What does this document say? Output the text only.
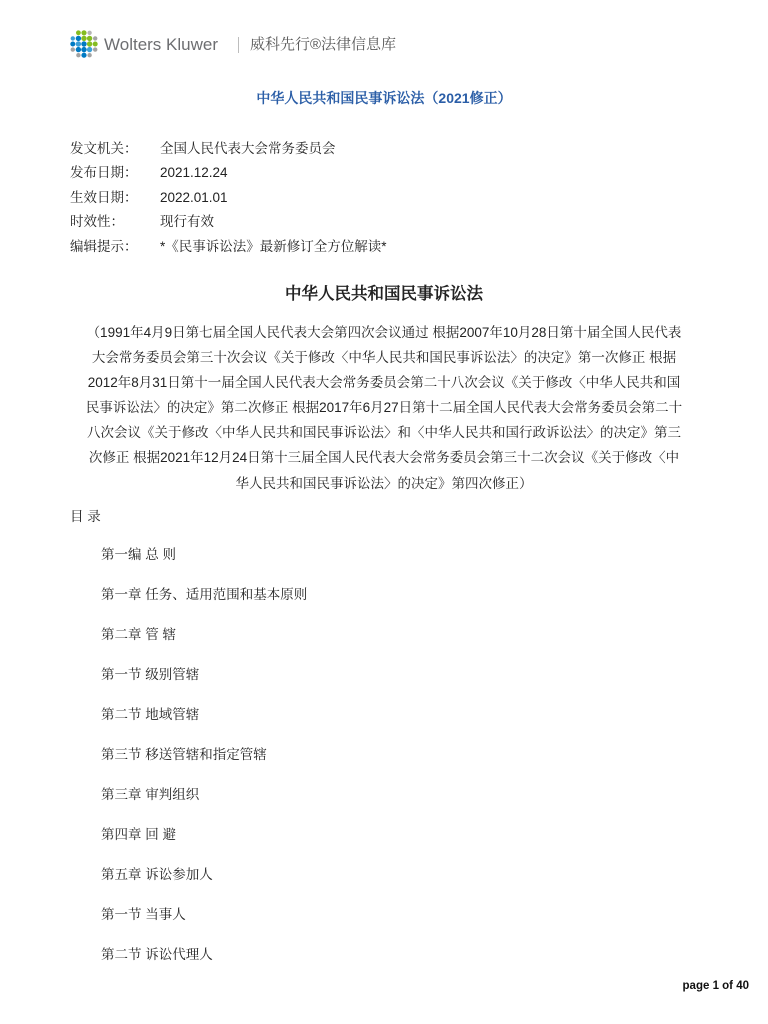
Wolters Kluwer 威科先行®法律信息库
中华人民共和国民事诉讼法（2021修正）
发文机关： 全国人民代表大会常务委员会
发布日期： 2021.12.24
生效日期： 2022.01.01
时效性：	现行有效
编辑提示： *《民事诉讼法》最新修订全方位解读*
中华人民共和国民事诉讼法
（1991年4月9日第七届全国人民代表大会第四次会议通过 根据2007年10月28日第十届全国人民代表
大会常务委员会第三十次会议《关于修改〈中华人民共和国民事诉讼法〉的决定》第一次修正 根据
2012年8月31日第十一届全国人民代表大会常务委员会第二十八次会议《关于修改〈中华人民共和国
民事诉讼法〉的决定》第二次修正 根据2017年6月27日第十二届全国人民代表大会常务委员会第二十
八次会议《关于修改〈中华人民共和国民事诉讼法〉和〈中华人民共和国行政诉讼法〉的决定》第三
次修正 根据2021年12月24日第十三届全国人民代表大会常务委员会第三十二次会议《关于修改〈中
华人民共和国民事诉讼法〉的决定》第四次修正）
目 录
第一编 总 则
第一章 任务、适用范围和基本原则
第二章 管 辖
第一节 级别管辖
第二节 地域管辖
第三节 移送管辖和指定管辖
第三章 审判组织
第四章 回 避
第五章 诉讼参加人
第一节 当事人
第二节 诉讼代理人
page 1 of 40
